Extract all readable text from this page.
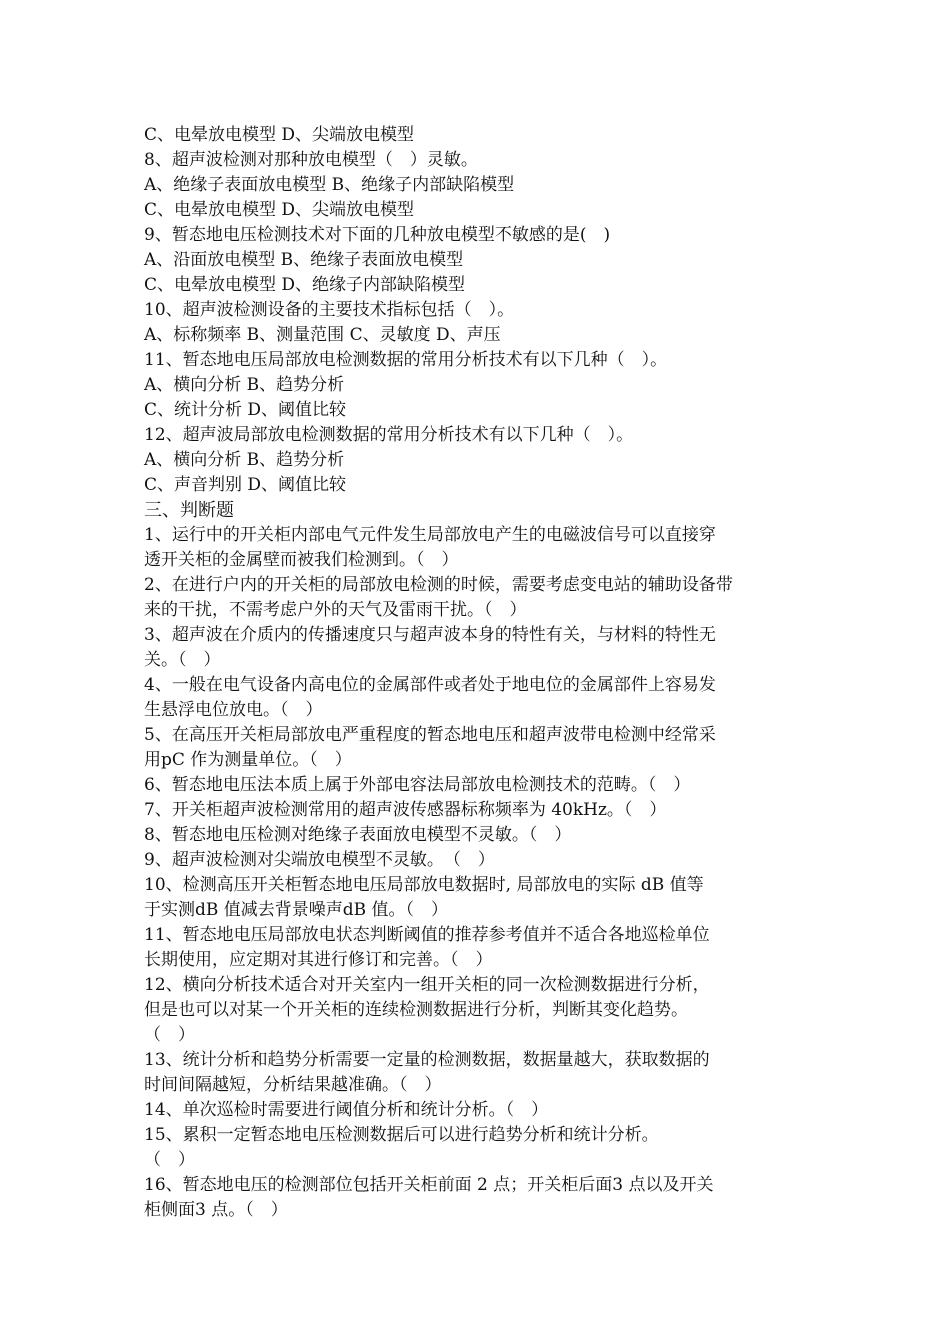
C、电晕放电模型 D、尖端放电模型
8、超声波检测对那种放电模型（　）灵敏。
A、绝缘子表面放电模型 B、绝缘子内部缺陷模型
C、电晕放电模型 D、尖端放电模型
9、暂态地电压检测技术对下面的几种放电模型不敏感的是(　)
A、沿面放电模型 B、绝缘子表面放电模型
C、电晕放电模型 D、绝缘子内部缺陷模型
10、超声波检测设备的主要技术指标包括（　）。
A、标称频率 B、测量范围 C、灵敏度 D、声压
11、暂态地电压局部放电检测数据的常用分析技术有以下几种（　）。
A、横向分析 B、趋势分析
C、统计分析 D、阈值比较
12、超声波局部放电检测数据的常用分析技术有以下几种（　）。
A、横向分析 B、趋势分析
C、声音判别 D、阈值比较
三、判断题
1、运行中的开关柜内部电气元件发生局部放电产生的电磁波信号可以直接穿
透开关柜的金属壁而被我们检测到。（　）
2、在进行户内的开关柜的局部放电检测的时候，需要考虑变电站的辅助设备带
来的干扰，不需考虑户外的天气及雷雨干扰。（　）
3、超声波在介质内的传播速度只与超声波本身的特性有关，与材料的特性无
关。（　）
4、一般在电气设备内高电位的金属部件或者处于地电位的金属部件上容易发
生悬浮电位放电。（　）
5、在高压开关柜局部放电严重程度的暂态地电压和超声波带电检测中经常采
用pC 作为测量单位。（　）
6、暂态地电压法本质上属于外部电容法局部放电检测技术的范畴。（　）
7、开关柜超声波检测常用的超声波传感器标称频率为 40kHz。（　）
8、暂态地电压检测对绝缘子表面放电模型不灵敏。（　）
9、超声波检测对尖端放电模型不灵敏。　（　）
10、检测高压开关柜暂态地电压局部放电数据时, 局部放电的实际 dB 值等
于实测dB 值减去背景噪声dB 值。（　）
11、暂态地电压局部放电状态判断阈值的推荐参考值并不适合各地巡检单位
长期使用，应定期对其进行修订和完善。（　）
12、横向分析技术适合对开关室内一组开关柜的同一次检测数据进行分析，
但是也可以对某一个开关柜的连续检测数据进行分析，判断其变化趋势。
（　）
13、统计分析和趋势分析需要一定量的检测数据，数据量越大，获取数据的
时间间隔越短，分析结果越准确。（　）
14、单次巡检时需要进行阈值分析和统计分析。（　）
15、累积一定暂态地电压检测数据后可以进行趋势分析和统计分析。
（　）
16、暂态地电压的检测部位包括开关柜前面 2 点；开关柜后面3 点以及开关
柜侧面3 点。（　）
